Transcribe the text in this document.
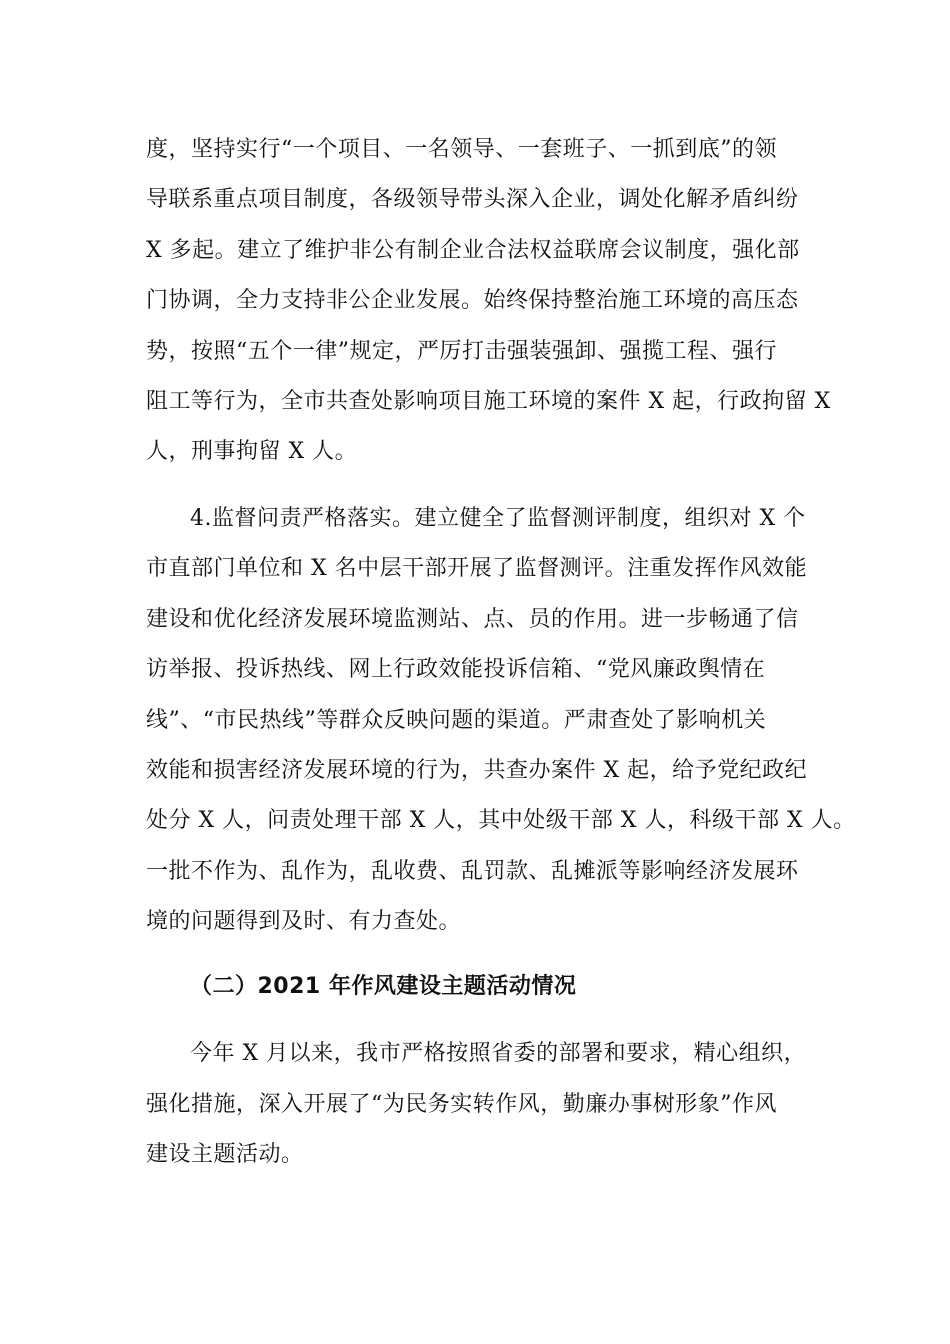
度，坚持实行“一个项目、一名领导、一套班子、一抓到底”的领
导联系重点项目制度，各级领导带头深入企业，调处化解矛盾纠纷
X 多起。建立了维护非公有制企业合法权益联席会议制度，强化部
门协调，全力支持非公企业发展。始终保持整治施工环境的高压态
势，按照“五个一律”规定，严厉打击强装强卸、强揽工程、强行
阻工等行为，全市共查处影响项目施工环境的案件 X 起，行政拘留 X
人，刑事拘留 X 人。
4.监督问责严格落实。建立健全了监督测评制度，组织对 X 个
市直部门单位和 X 名中层干部开展了监督测评。注重发挥作风效能
建设和优化经济发展环境监测站、点、员的作用。进一步畅通了信
访举报、投诉热线、网上行政效能投诉信箱、“党风廉政舆情在
线”、“市民热线”等群众反映问题的渠道。严肃查处了影响机关
效能和损害经济发展环境的行为，共查办案件 X 起，给予党纪政纪
处分 X 人，问责处理干部 X 人，其中处级干部 X 人，科级干部 X 人。
一批不作为、乱作为，乱收费、乱罚款、乱摊派等影响经济发展环
境的问题得到及时、有力查处。
（二）2021 年作风建设主题活动情况
今年 X 月以来，我市严格按照省委的部署和要求，精心组织，
强化措施，深入开展了“为民务实转作风，勤廉办事树形象”作风
建设主题活动。
